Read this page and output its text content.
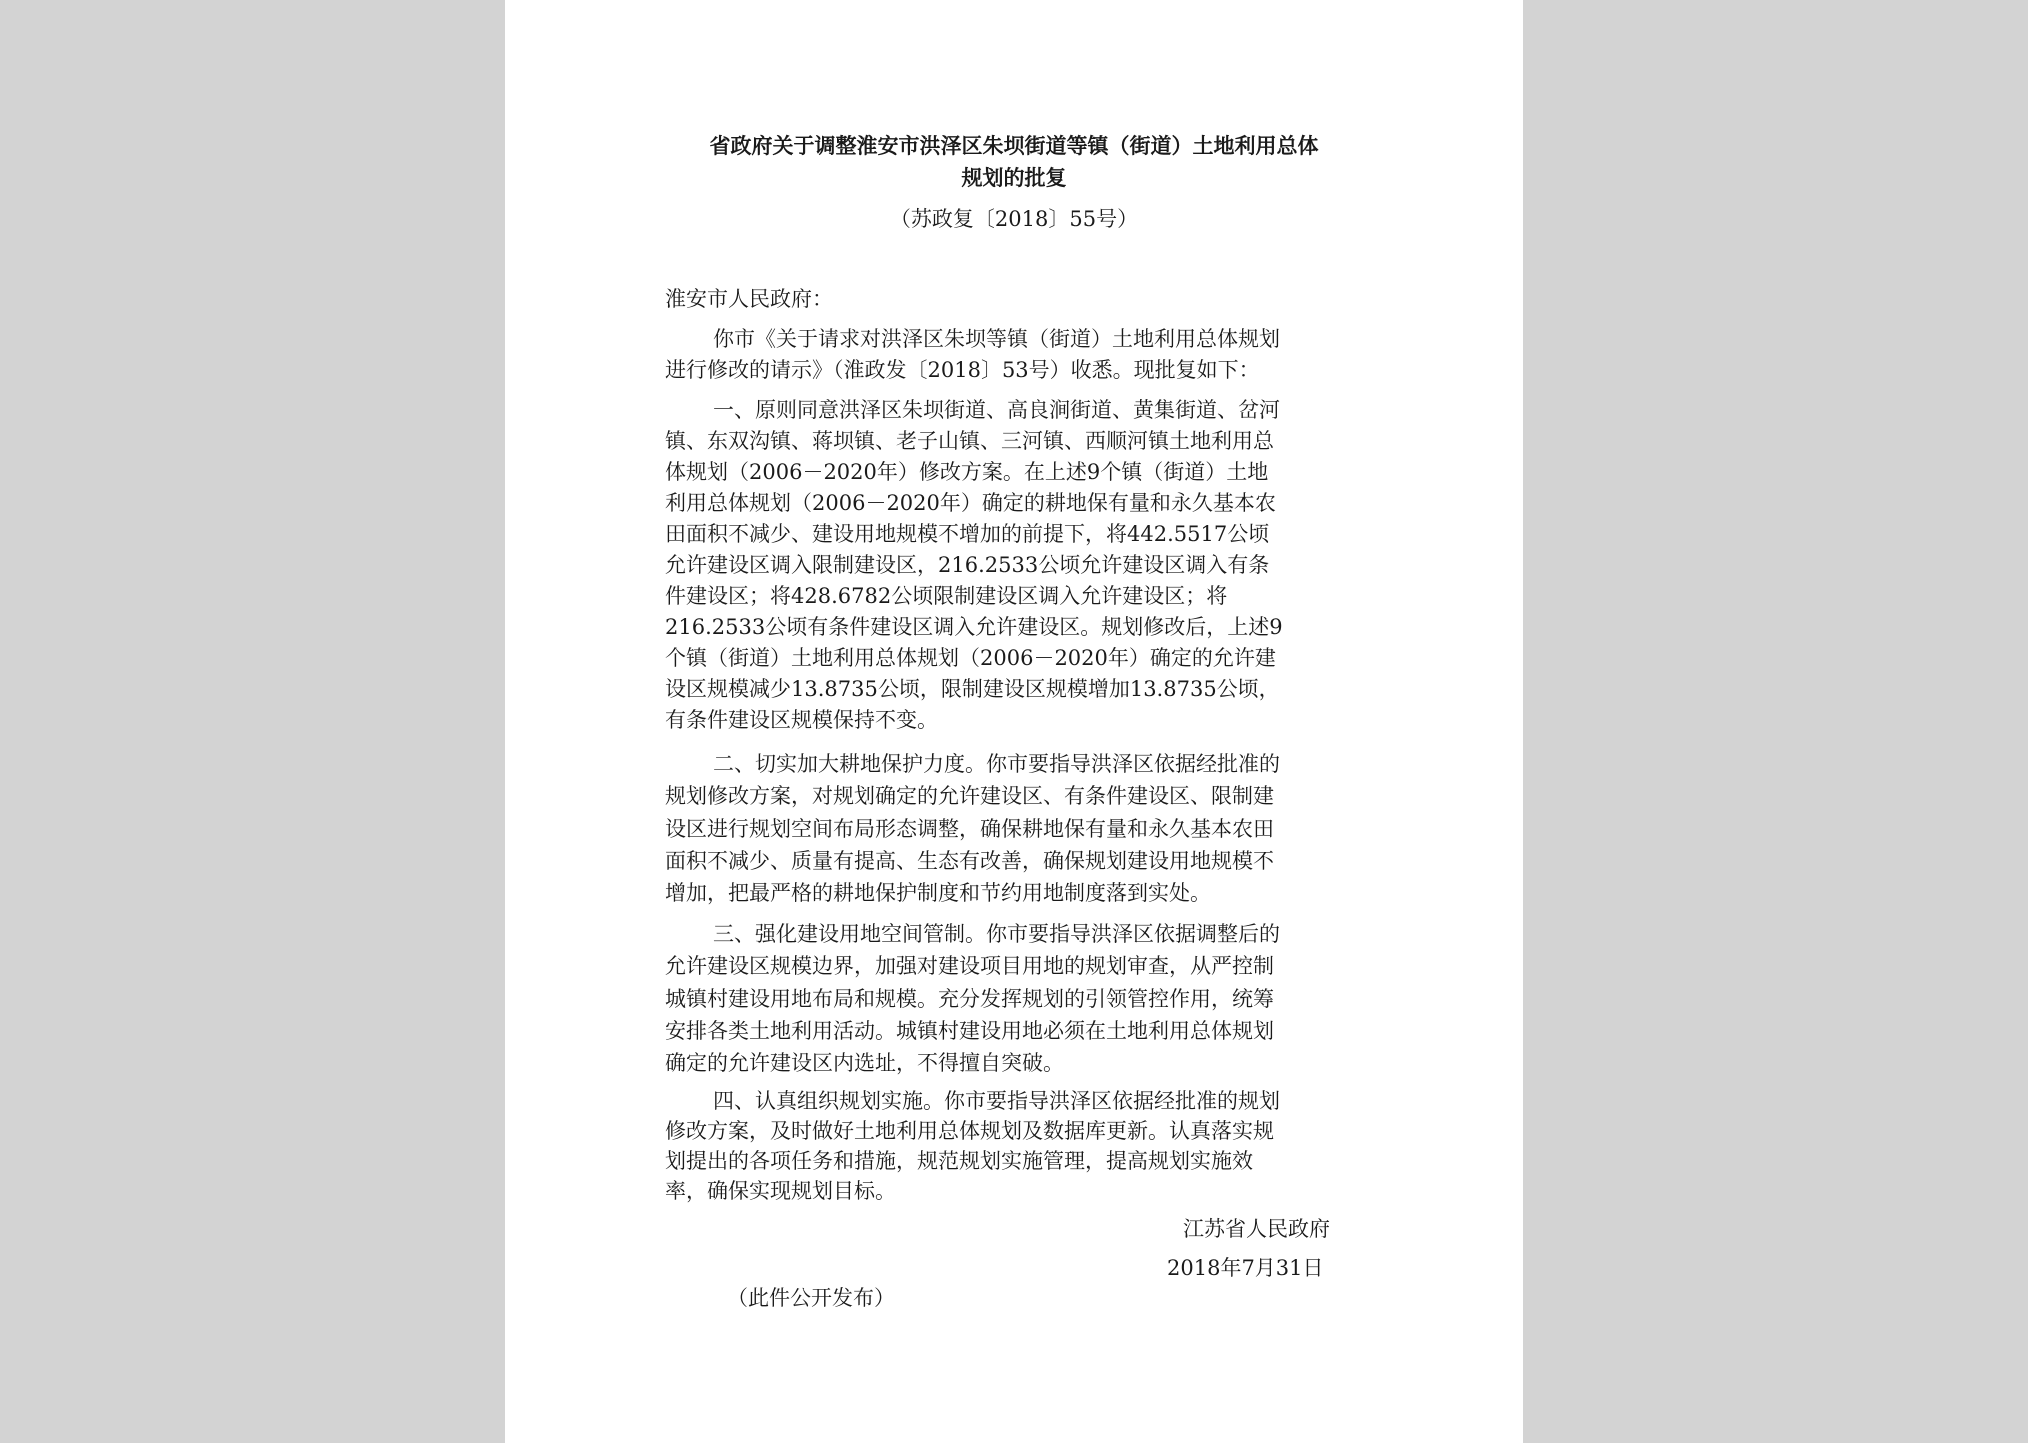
省政府关于调整淮安市洪泽区朱坝街道等镇（街道）土地利用总体
规划的批复
（苏政复〔2018〕55号）
淮安市人民政府：
你市《关于请求对洪泽区朱坝等镇（街道）土地利用总体规划
进行修改的请示》（淮政发〔2018〕53号）收悉。现批复如下：
一、原则同意洪泽区朱坝街道、高良涧街道、黄集街道、岔河
镇、东双沟镇、蒋坝镇、老子山镇、三河镇、西顺河镇土地利用总
体规划（2006－2020年）修改方案。在上述9个镇（街道）土地
利用总体规划（2006－2020年）确定的耕地保有量和永久基本农
田面积不减少、建设用地规模不增加的前提下，将442.5517公顷
允许建设区调入限制建设区，216.2533公顷允许建设区调入有条
件建设区；将428.6782公顷限制建设区调入允许建设区；将
216.2533公顷有条件建设区调入允许建设区。规划修改后，上述9
个镇（街道）土地利用总体规划（2006－2020年）确定的允许建
设区规模减少13.8735公顷，限制建设区规模增加13.8735公顷，
有条件建设区规模保持不变。
二、切实加大耕地保护力度。你市要指导洪泽区依据经批准的
规划修改方案，对规划确定的允许建设区、有条件建设区、限制建
设区进行规划空间布局形态调整，确保耕地保有量和永久基本农田
面积不减少、质量有提高、生态有改善，确保规划建设用地规模不
增加，把最严格的耕地保护制度和节约用地制度落到实处。
三、强化建设用地空间管制。你市要指导洪泽区依据调整后的
允许建设区规模边界，加强对建设项目用地的规划审查，从严控制
城镇村建设用地布局和规模。充分发挥规划的引领管控作用，统筹
安排各类土地利用活动。城镇村建设用地必须在土地利用总体规划
确定的允许建设区内选址，不得擅自突破。
四、认真组织规划实施。你市要指导洪泽区依据经批准的规划
修改方案，及时做好土地利用总体规划及数据库更新。认真落实规
划提出的各项任务和措施，规范规划实施管理，提高规划实施效
率，确保实现规划目标。
江苏省人民政府
2018年7月31日
（此件公开发布）
